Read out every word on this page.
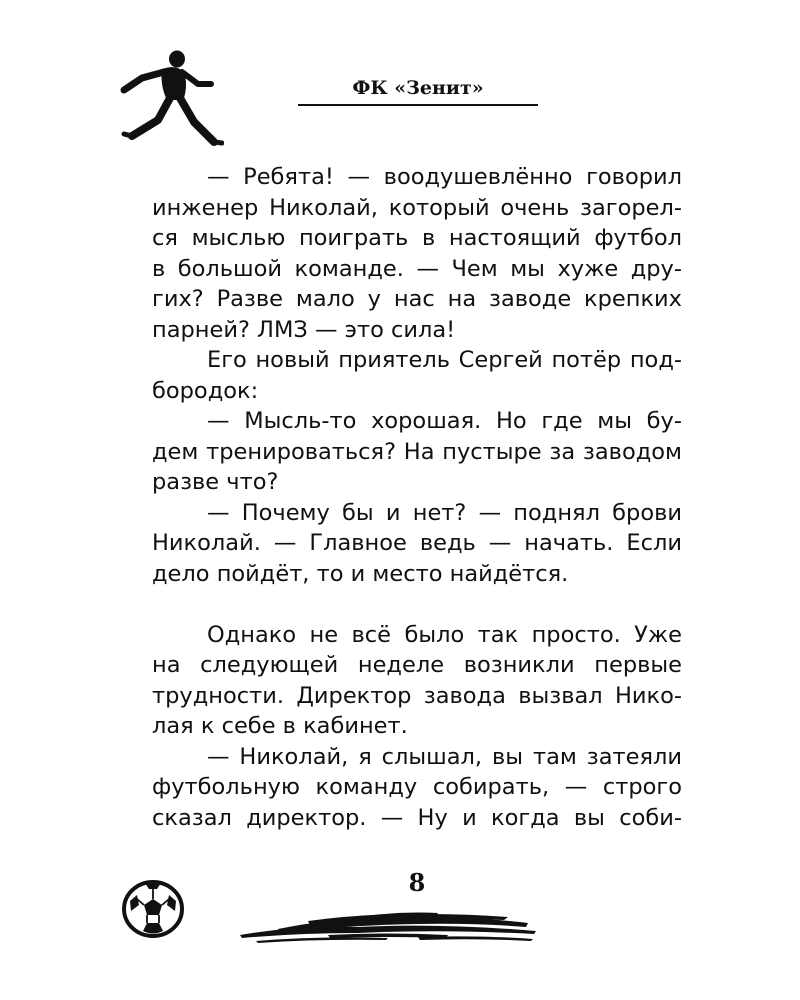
ФК «Зенит»
— Ребята! — воодушевлённо говорил
инженер Николай, который очень загорел-
ся мыслью поиграть в настоящий футбол
в большой команде. — Чем мы хуже дру-
гих? Разве мало у нас на заводе крепких
парней? ЛМЗ — это сила!
Его новый приятель Сергей потёр под-
бородок:
— Мысль-то хорошая. Но где мы бу-
дем тренироваться? На пустыре за заводом
разве что?
— Почему бы и нет? — поднял брови
Николай. — Главное ведь — начать. Если
дело пойдёт, то и место найдётся.
Однако не всё было так просто. Уже
на следующей неделе возникли первые
трудности. Директор завода вызвал Нико-
лая к себе в кабинет.
— Николай, я слышал, вы там затеяли
футбольную команду собирать, — строго
сказал директор. — Ну и когда вы соби-
8
